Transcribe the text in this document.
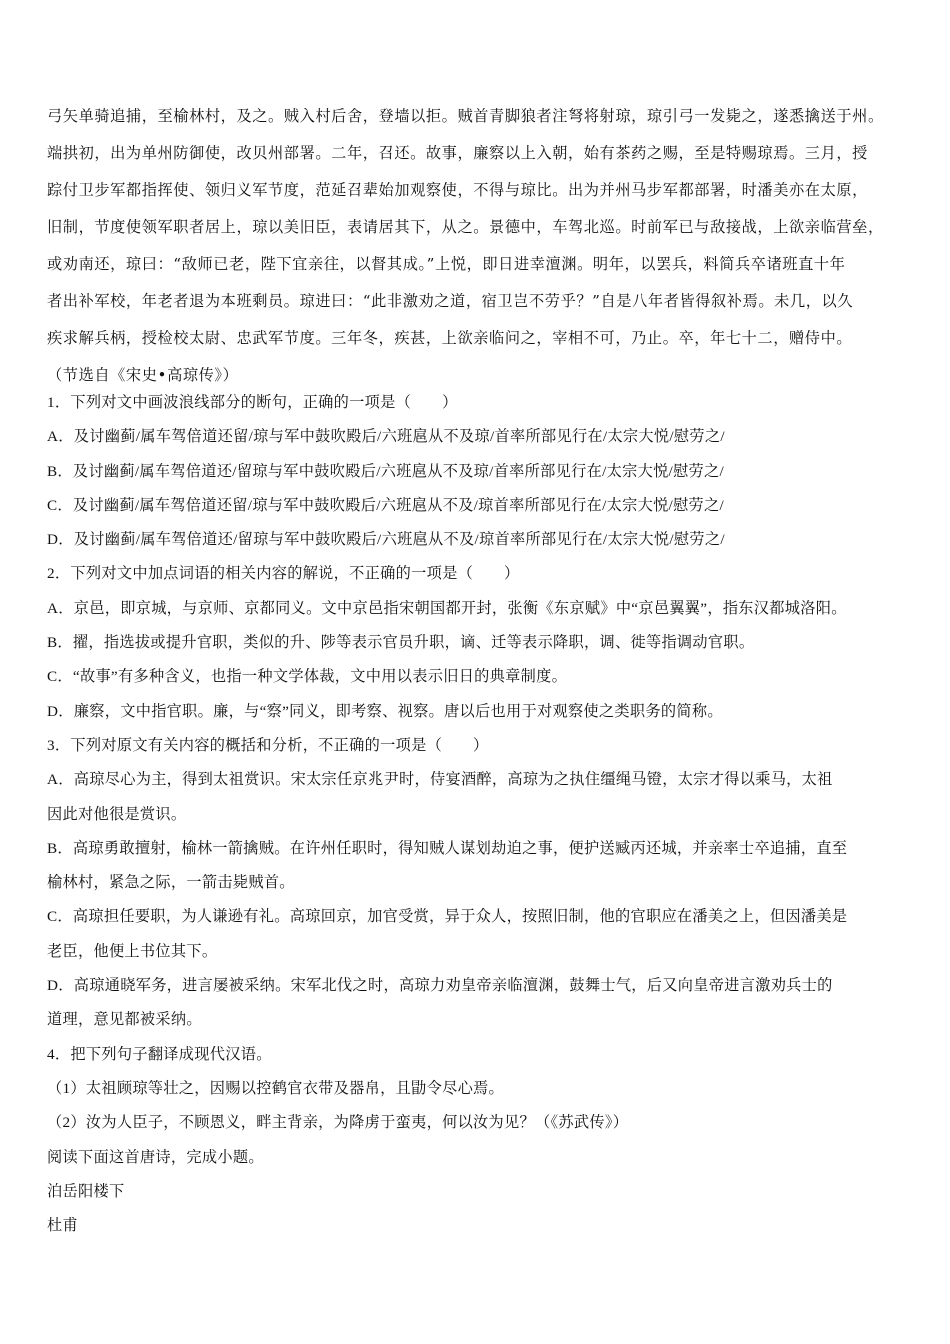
弓矢单骑追捕，至榆林村，及之。贼入村后舍，登墙以拒。贼首青脚狼者注弩将射琼，琼引弓一发毙之，遂悉擒送于州。
端拱初，出为单州防御使，改贝州部署。二年，召还。故事，廉察以上入朝，始有茶药之赐，至是特赐琼焉。三月，授
踪付卫步军都指挥使、领归义军节度，范延召辈始加观察使，不得与琼比。出为并州马步军都部署，时潘美亦在太原，
旧制，节度使领军职者居上，琼以美旧臣，表请居其下，从之。景德中，车驾北巡。时前军已与敌接战，上欲亲临营垒，
或劝南还，琼曰：“敌师已老，陛下宜亲往，以督其成。”上悦，即日进幸澶渊。明年，以罢兵，料简兵卒诸班直十年
者出补军校，年老者退为本班剩员。琼进曰：“此非激劝之道，宿卫岂不劳乎？”自是八年者皆得叙补焉。未几，以久
疾求解兵柄，授检校太尉、忠武军节度。三年冬，疾甚，上欲亲临问之，宰相不可，乃止。卒，年七十二，赠侍中。
（节选自《宋史•高琼传》）
1．下列对文中画波浪线部分的断句，正确的一项是（　　）
A．及讨幽蓟/属车驾倍道还留/琼与军中鼓吹殿后/六班扈从不及琼/首率所部见行在/太宗大悦/慰劳之/
B．及讨幽蓟/属车驾倍道还/留琼与军中鼓吹殿后/六班扈从不及琼/首率所部见行在/太宗大悦/慰劳之/
C．及讨幽蓟/属车驾倍道还留/琼与军中鼓吹殿后/六班扈从不及/琼首率所部见行在/太宗大悦/慰劳之/
D．及讨幽蓟/属车驾倍道还/留琼与军中鼓吹殿后/六班扈从不及/琼首率所部见行在/太宗大悦/慰劳之/
2．下列对文中加点词语的相关内容的解说，不正确的一项是（　　）
A．京邑，即京城，与京师、京都同义。文中京邑指宋朝国都开封，张衡《东京赋》中“京邑翼翼”，指东汉都城洛阳。
B．擢，指选拔或提升官职，类似的升、陟等表示官员升职，谪、迁等表示降职，调、徙等指调动官职。
C．“故事”有多种含义，也指一种文学体裁，文中用以表示旧日的典章制度。
D．廉察，文中指官职。廉，与“察”同义，即考察、视察。唐以后也用于对观察使之类职务的简称。
3．下列对原文有关内容的概括和分析，不正确的一项是（　　）
A．高琼尽心为主，得到太祖赏识。宋太宗任京兆尹时，侍宴酒醉，高琼为之执住缰绳马镫，太宗才得以乘马，太祖
因此对他很是赏识。
B．高琼勇敢擅射，榆林一箭擒贼。在许州任职时，得知贼人谋划劫迫之事，便护送臧丙还城，并亲率士卒追捕，直至
榆林村，紧急之际，一箭击毙贼首。
C．高琼担任要职，为人谦逊有礼。高琼回京，加官受赏，异于众人，按照旧制，他的官职应在潘美之上，但因潘美是
老臣，他便上书位其下。
D．高琼通晓军务，进言屡被采纳。宋军北伐之时，高琼力劝皇帝亲临澶渊，鼓舞士气，后又向皇帝进言激劝兵士的
道理，意见都被采纳。
4．把下列句子翻译成现代汉语。
（1）太祖顾琼等壮之，因赐以控鹤官衣带及器帛，且勖令尽心焉。
（2）汝为人臣子，不顾恩义，畔主背亲，为降虏于蛮夷，何以汝为见？（《苏武传》）
阅读下面这首唐诗，完成小题。
泊岳阳楼下
杜甫
